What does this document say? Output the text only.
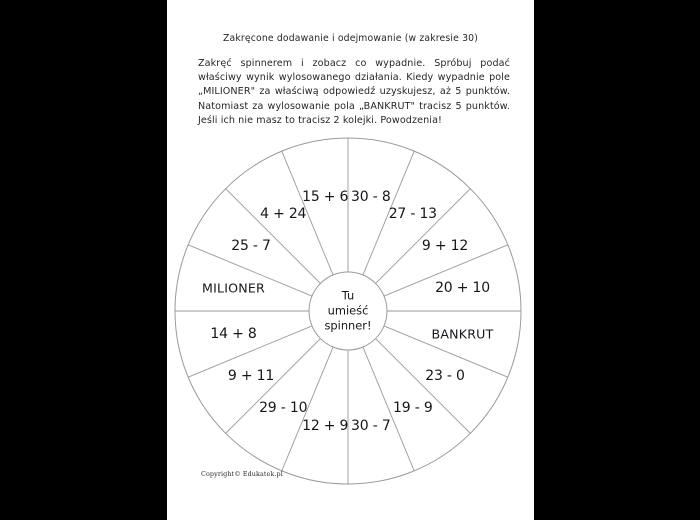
Zakręcone dodawanie i odejmowanie (w zakresie 30)
Zakręć spinnerem i zobacz co wypadnie. Spróbuj podać właściwy wynik wylosowanego działania. Kiedy wypadnie pole „MILIONER" za właściwą odpowiedź uzyskujesz, aż 5 punktów. Natomiast za wylosowanie pola „BANKRUT" tracisz 5 punktów. Jeśli ich nie masz to tracisz 2 kolejki. Powodzenia!
30 - 8
27 - 13
9 + 12
20 + 10
BANKRUT
23 - 0
19 - 9
30 - 7
12 + 9
29 - 10
9 + 11
14 + 8
MILIONER
25 - 7
4 + 24
15 + 6
Tu
umieść
spinner!
Copyright© Edukatek.pl
